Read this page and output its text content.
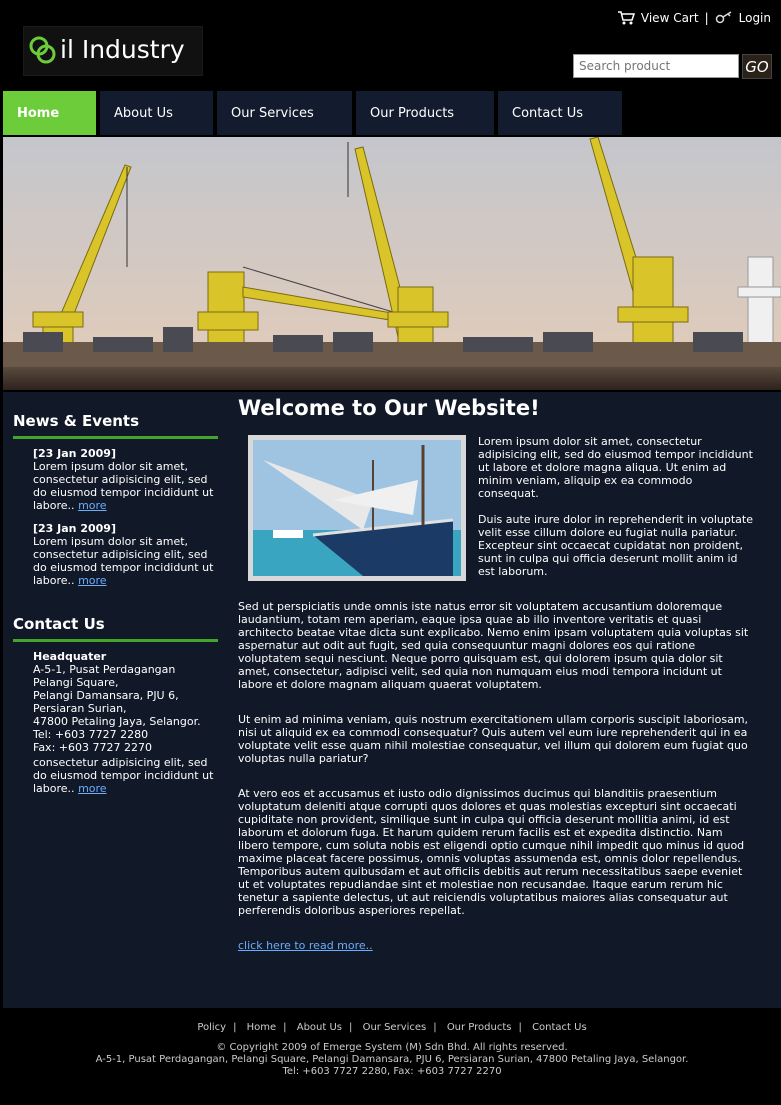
il Industry
View Cart |	Login
Search product
GO
Home	About Us	Our Services	Our Products	Contact Us
News & Events
[23 Jan 2009]
Lorem ipsum dolor sit amet, consectetur adipisicing elit, sed do eiusmod tempor incididunt ut labore.. more
[23 Jan 2009]
Lorem ipsum dolor sit amet, consectetur adipisicing elit, sed do eiusmod tempor incididunt ut labore.. more
Contact Us
Headquater
A-5-1, Pusat Perdagangan
Pelangi Square,
Pelangi Damansara, PJU 6,
Persiaran Surian,
47800 Petaling Jaya, Selangor.
Tel: +603 7727 2280
Fax: +603 7727 2270

consectetur adipisicing elit, sed do eiusmod tempor incididunt ut labore.. more
Welcome to Our Website!

Lorem ipsum dolor sit amet, consectetur adipisicing elit, sed do eiusmod tempor incididunt ut labore et dolore magna aliqua. Ut enim ad minim veniam, aliquip ex ea commodo consequat.

Duis aute irure dolor in reprehenderit in voluptate velit esse cillum dolore eu fugiat nulla pariatur. Excepteur sint occaecat cupidatat non proident, sunt in culpa qui officia deserunt mollit anim id est laborum.

Sed ut perspiciatis unde omnis iste natus error sit voluptatem accusantium doloremque laudantium, totam rem aperiam, eaque ipsa quae ab illo inventore veritatis et quasi architecto beatae vitae dicta sunt explicabo. Nemo enim ipsam voluptatem quia voluptas sit aspernatur aut odit aut fugit, sed quia consequuntur magni dolores eos qui ratione voluptatem sequi nesciunt. Neque porro quisquam est, qui dolorem ipsum quia dolor sit amet, consectetur, adipisci velit, sed quia non numquam eius modi tempora incidunt ut labore et dolore magnam aliquam quaerat voluptatem.

Ut enim ad minima veniam, quis nostrum exercitationem ullam corporis suscipit laboriosam, nisi ut aliquid ex ea commodi consequatur? Quis autem vel eum iure reprehenderit qui in ea voluptate velit esse quam nihil molestiae consequatur, vel illum qui dolorem eum fugiat quo voluptas nulla pariatur?

At vero eos et accusamus et iusto odio dignissimos ducimus qui blanditiis praesentium voluptatum deleniti atque corrupti quos dolores et quas molestias excepturi sint occaecati cupiditate non provident, similique sunt in culpa qui officia deserunt mollitia animi, id est laborum et dolorum fuga. Et harum quidem rerum facilis est et expedita distinctio. Nam libero tempore, cum soluta nobis est eligendi optio cumque nihil impedit quo minus id quod maxime placeat facere possimus, omnis voluptas assumenda est, omnis dolor repellendus. Temporibus autem quibusdam et aut officiis debitis aut rerum necessitatibus saepe eveniet ut et voluptates repudiandae sint et molestiae non recusandae. Itaque earum rerum hic tenetur a sapiente delectus, ut aut reiciendis voluptatibus maiores alias consequatur aut perferendis doloribus asperiores repellat.

click here to read more..
Policy | Home | About Us | Our Services | Our Products | Contact Us
© Copyright 2009 of Emerge System (M) Sdn Bhd. All rights reserved.
A-5-1, Pusat Perdagangan, Pelangi Square, Pelangi Damansara, PJU 6, Persiaran Surian, 47800 Petaling Jaya, Selangor.
Tel: +603 7727 2280, Fax: +603 7727 2270
